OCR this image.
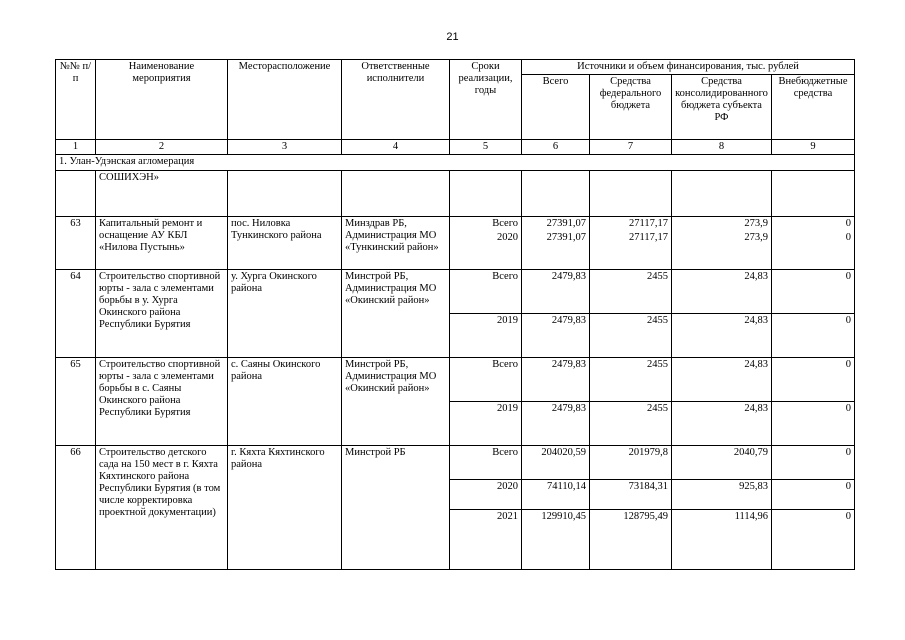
21
№№ п/п	Наименование мероприятия	Месторасположение	Ответственные исполнители	Сроки реализации, годы	Источники и объем финансирования, тыс. рублей			
					Всего	Средства федерального бюджета	Средства консолидированного бюджета субъекта РФ	Внебюджетные средства
1	2	3	4	5	6	7	8	9
1. Улан-Удэнская агломерация								
	СОШИХЭН»							
63	Капитальный ремонт и оснащение АУ КБЛ «Нилова Пустынь»	пос. Ниловка Тункинского района	Минздрав РБ, Администрация МО «Тункинский район»	Всего	27391,07	27117,17	273,9	0
				2020	27391,07	27117,17	273,9	0
64	Строительство спортивной юрты - зала с элементами борьбы в у. Хурга Окинского района Республики Бурятия	у. Хурга Окинского района	Минстрой РБ, Администрация МО «Окинский район»	Всего	2479,83	2455	24,83	0
				2019	2479,83	2455	24,83	0
65	Строительство спортивной юрты - зала с элементами борьбы в с. Саяны Окинского района Республики Бурятия	с. Саяны Окинского района	Минстрой РБ, Администрация МО «Окинский район»	Всего	2479,83	2455	24,83	0
				2019	2479,83	2455	24,83	0
66	Строительство детского сада на 150 мест в г. Кяхта Кяхтинского района Республики Бурятия (в том числе корректировка проектной документации)	г. Кяхта Кяхтинского района	Минстрой РБ	Всего	204020,59	201979,8	2040,79	0
				2020	74110,14	73184,31	925,83	0
				2021	129910,45	128795,49	1114,96	0
